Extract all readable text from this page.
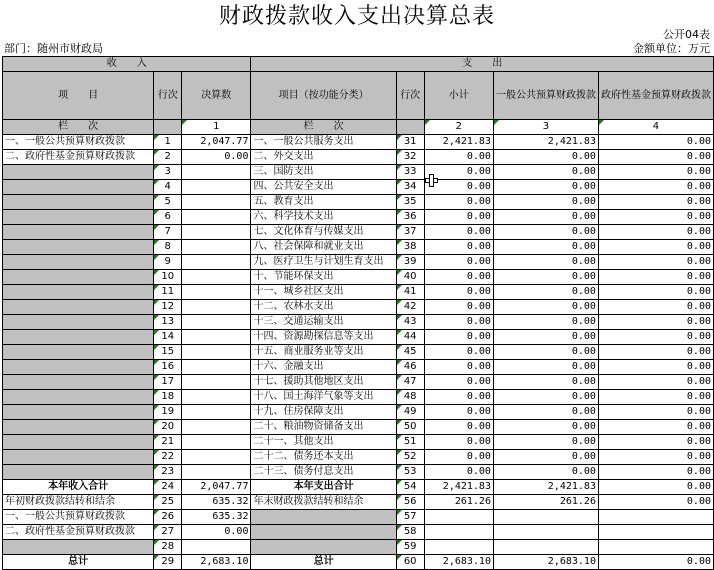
财政拨款收入支出决算总表
公开04表
部门：随州市财政局	金额单位：万元
收　　入			支　　出				
项　　目	行次	决算数	项目（按功能分类）	行次	小计	一般公共预算财政拨款	政府性基金预算财政拨款
栏　　次		1	栏　　次		2	3	4
一、一般公共预算财政拨款	1	2,047.77	一、一般公共服务支出	31	2,421.83	2,421.83	0.00
二、政府性基金预算财政拨款	2	0.00	二、外交支出	32	0.00	0.00	0.00
	3		三、国防支出	33	0.00	0.00	0.00
	4		四、公共安全支出	34	0.00	0.00	0.00
	5		五、教育支出	35	0.00	0.00	0.00
	6		六、科学技术支出	36	0.00	0.00	0.00
	7		七、文化体育与传媒支出	37	0.00	0.00	0.00
	8		八、社会保障和就业支出	38	0.00	0.00	0.00
	9		九、医疗卫生与计划生育支出	39	0.00	0.00	0.00
	10		十、节能环保支出	40	0.00	0.00	0.00
	11		十一、城乡社区支出	41	0.00	0.00	0.00
	12		十二、农林水支出	42	0.00	0.00	0.00
	13		十三、交通运输支出	43	0.00	0.00	0.00
	14		十四、资源勘探信息等支出	44	0.00	0.00	0.00
	15		十五、商业服务业等支出	45	0.00	0.00	0.00
	16		十六、金融支出	46	0.00	0.00	0.00
	17		十七、援助其他地区支出	47	0.00	0.00	0.00
	18		十八、国土海洋气象等支出	48	0.00	0.00	0.00
	19		十九、住房保障支出	49	0.00	0.00	0.00
	20		二十、粮油物资储备支出	50	0.00	0.00	0.00
	21		二十一、其他支出	51	0.00	0.00	0.00
	22		二十二、债务还本支出	52	0.00	0.00	0.00
	23		二十三、债务付息支出	53	0.00	0.00	0.00
本年收入合计	24	2,047.77	本年支出合计	54	2,421.83	2,421.83	0.00
年初财政拨款结转和结余	25	635.32	年末财政拨款结转和结余	56	261.26	261.26	0.00
一、一般公共预算财政拨款	26	635.32		57			
二、政府性基金预算财政拨款	27	0.00		58			
	28			59			
总计	29	2,683.10	总计	60	2,683.10	2,683.10	0.00
